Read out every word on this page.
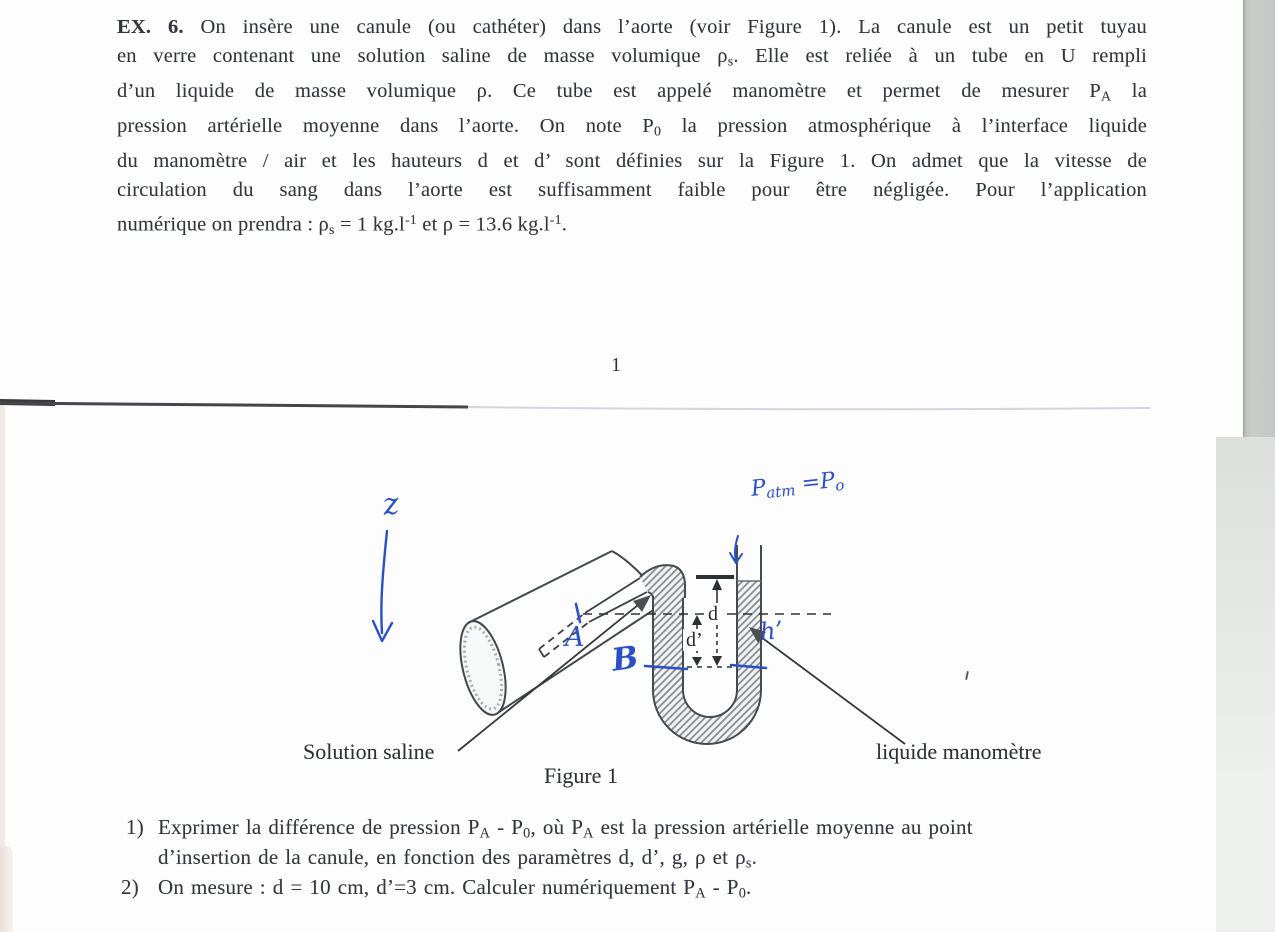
EX. 6. On insère une canule (ou cathéter) dans l’aorte (voir Figure 1). La canule est un petit tuyau
en verre contenant une solution saline de masse volumique ρs. Elle est reliée à un tube en U rempli
d’un liquide de masse volumique ρ. Ce tube est appelé manomètre et permet de mesurer PA la
pression artérielle moyenne dans l’aorte. On note P0 la pression atmosphérique à l’interface liquide
du manomètre / air et les hauteurs d et d’ sont définies sur la Figure 1. On admet que la vitesse de
circulation du sang dans l’aorte est suffisamment faible pour être négligée. Pour l’application
numérique on prendra : ρs = 1 $kg.l^{-1}$ et ρ = 13.6 $kg.l^{-1}$.
1
Solution saline	liquide manomètre
Figure 1
d
d’
z	Patm =Po
A
B
h’
1) Exprimer la différence de pression PA - P0, où PA est la pression artérielle moyenne au point
d’insertion de la canule, en fonction des paramètres d, d’, g, ρ et ρs.
2) On mesure : d = 10 cm, d’=3 cm. Calculer numériquement PA - P0.
